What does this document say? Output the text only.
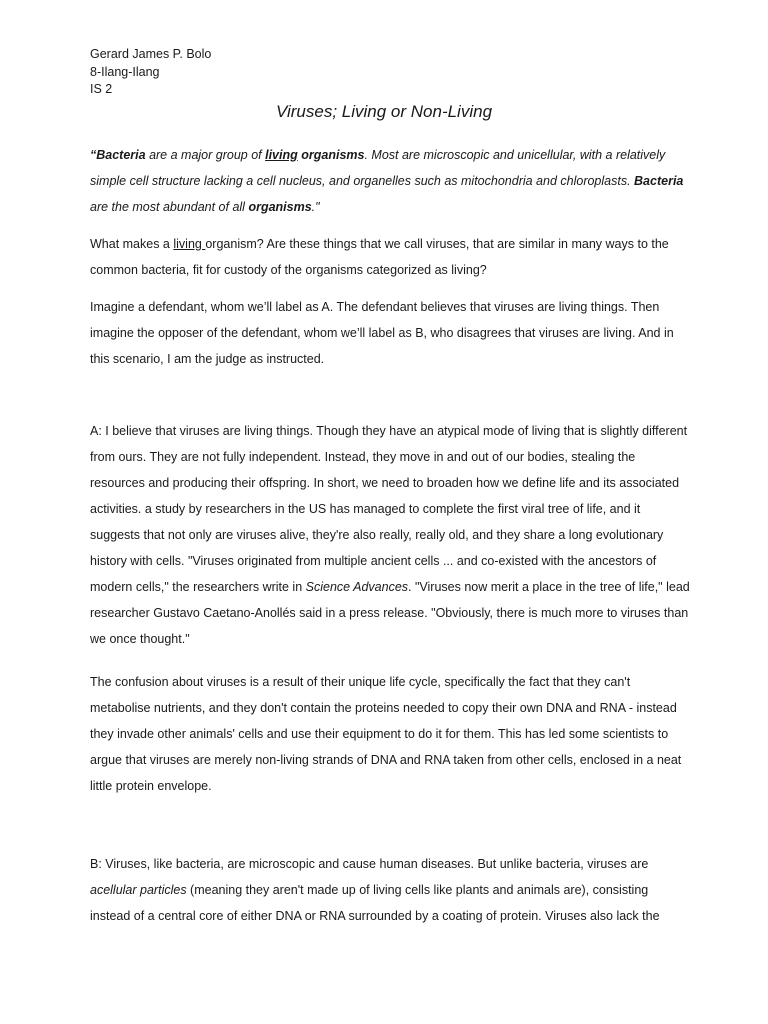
Gerard James P. Bolo
8-Ilang-Ilang
IS 2
Viruses; Living or Non-Living

“Bacteria are a major group of living organisms. Most are microscopic and unicellular, with a relatively simple cell structure lacking a cell nucleus, and organelles such as mitochondria and chloroplasts. Bacteria are the most abundant of all organisms."

What makes a living organism? Are these things that we call viruses, that are similar in many ways to the common bacteria, fit for custody of the organisms categorized as living?

Imagine a defendant, whom we’ll label as A. The defendant believes that viruses are living things. Then imagine the opposer of the defendant, whom we’ll label as B, who disagrees that viruses are living. And in this scenario, I am the judge as instructed.

A: I believe that viruses are living things. Though they have an atypical mode of living that is slightly different from ours. They are not fully independent. Instead, they move in and out of our bodies, stealing the resources and producing their offspring. In short, we need to broaden how we define life and its associated activities. a study by researchers in the US has managed to complete the first viral tree of life, and it suggests that not only are viruses alive, they're also really, really old, and they share a long evolutionary history with cells. "Viruses originated from multiple ancient cells ... and co-existed with the ancestors of modern cells," the researchers write in Science Advances. "Viruses now merit a place in the tree of life," lead researcher Gustavo Caetano-Anollés said in a press release. "Obviously, there is much more to viruses than we once thought."

The confusion about viruses is a result of their unique life cycle, specifically the fact that they can't metabolise nutrients, and they don't contain the proteins needed to copy their own DNA and RNA - instead they invade other animals' cells and use their equipment to do it for them. This has led some scientists to argue that viruses are merely non-living strands of DNA and RNA taken from other cells, enclosed in a neat little protein envelope.

B: Viruses, like bacteria, are microscopic and cause human diseases. But unlike bacteria, viruses are acellular particles (meaning they aren't made up of living cells like plants and animals are), consisting instead of a central core of either DNA or RNA surrounded by a coating of protein. Viruses also lack the
